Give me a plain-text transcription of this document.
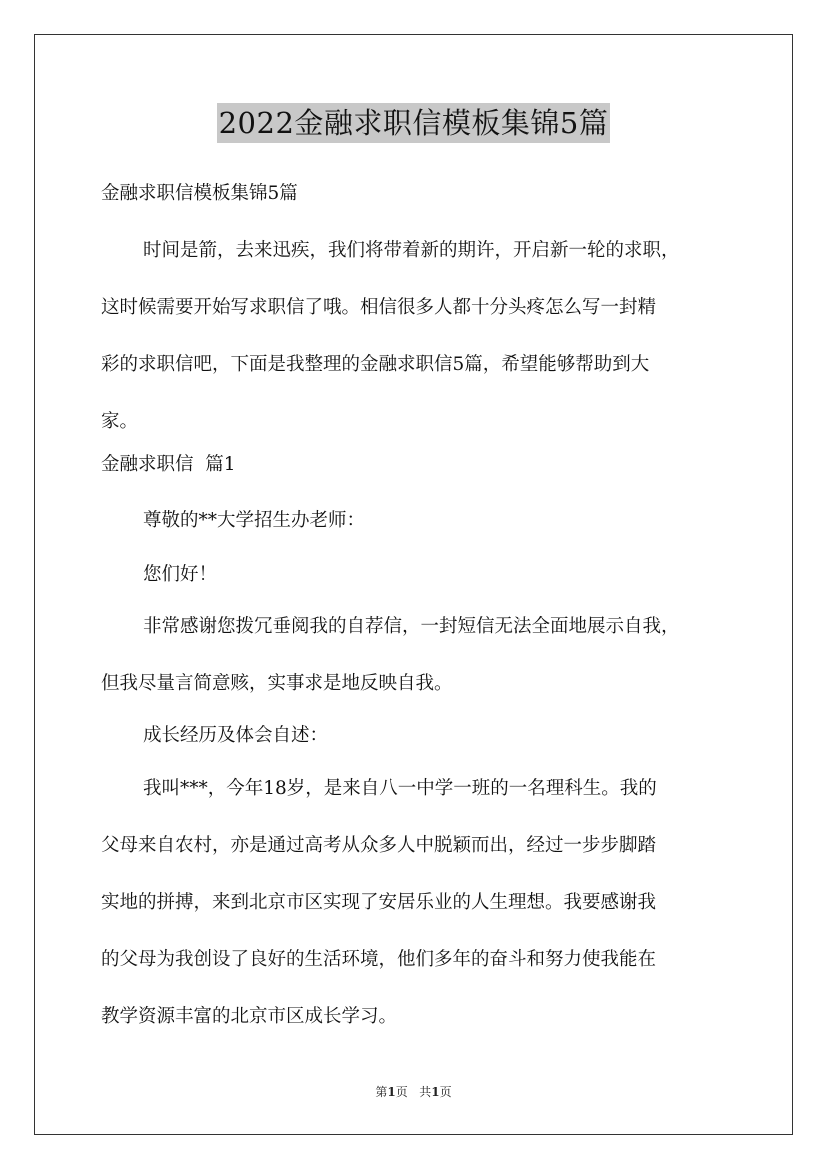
2022金融求职信模板集锦5篇
金融求职信模板集锦5篇
时间是箭，去来迅疾，我们将带着新的期许，开启新一轮的求职，
这时候需要开始写求职信了哦。相信很多人都十分头疼怎么写一封精
彩的求职信吧，下面是我整理的金融求职信5篇，希望能够帮助到大
家。
金融求职信  篇1
尊敬的**大学招生办老师：
您们好！
非常感谢您拨冗垂阅我的自荐信，一封短信无法全面地展示自我，
但我尽量言简意赅，实事求是地反映自我。
成长经历及体会自述：
我叫***，今年18岁，是来自八一中学一班的一名理科生。我的
父母来自农村，亦是通过高考从众多人中脱颖而出，经过一步步脚踏
实地的拼搏，来到北京市区实现了安居乐业的人生理想。我要感谢我
的父母为我创设了良好的生活环境，他们多年的奋斗和努力使我能在
教学资源丰富的北京市区成长学习。
第1页 共1页
